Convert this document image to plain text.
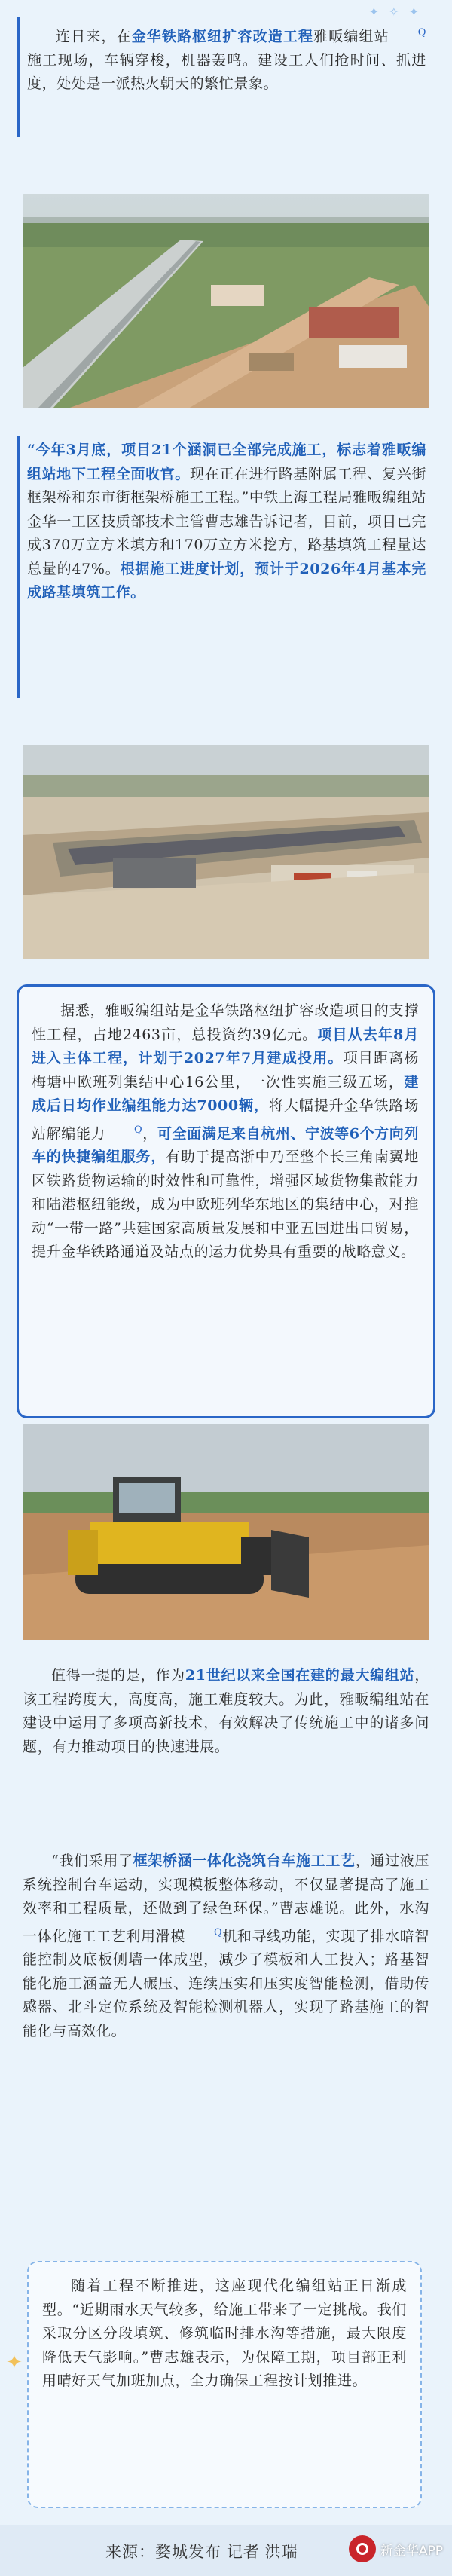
✦ ✧ ✦

连日来，在金华铁路枢纽扩容改造工程雅畈编组站	Q施工现场，车辆穿梭，机器轰鸣。建设工人们抢时间、抓进度，处处是一派热火朝天的繁忙景象。

“今年3月底，项目21个涵洞已全部完成施工，标志着雅畈编组站地下工程全面收官。现在正在进行路基附属工程、复兴街框架桥和东市街框架桥施工工程。”中铁上海工程局雅畈编组站金华一工区技质部技术主管曹志雄告诉记者，目前，项目已完成370万立方米填方和170万立方米挖方，路基填筑工程量达总量的47%。根据施工进度计划，预计于2026年4月基本完成路基填筑工作。

据悉，雅畈编组站是金华铁路枢纽扩容改造项目的支撑性工程，占地2463亩，总投资约39亿元。项目从去年8月进入主体工程，计划于2027年7月建成投用。项目距离杨梅塘中欧班列集结中心16公里，一次性实施三级五场，建成后日均作业编组能力达7000辆，将大幅提升金华铁路场站解编能力	Q，可全面满足来自杭州、宁波等6个方向列车的快捷编组服务，有助于提高浙中乃至整个长三角南翼地区铁路货物运输的时效性和可靠性，增强区域货物集散能力和陆港枢纽能级，成为中欧班列华东地区的集结中心，对推动“一带一路”共建国家高质量发展和中亚五国进出口贸易，提升金华铁路通道及站点的运力优势具有重要的战略意义。

值得一提的是，作为21世纪以来全国在建的最大编组站，该工程跨度大，高度高，施工难度较大。为此，雅畈编组站在建设中运用了多项高新技术，有效解决了传统施工中的诸多问题，有力推动项目的快速进展。

“我们采用了框架桥涵一体化浇筑台车施工工艺，通过液压系统控制台车运动，实现模板整体移动，不仅显著提高了施工效率和工程质量，还做到了绿色环保。”曹志雄说。此外，水沟一体化施工工艺利用滑模	Q机和寻线功能，实现了排水暗智能控制及底板侧墙一体成型，减少了模板和人工投入；路基智能化施工涵盖无人碾压、连续压实和压实度智能检测，借助传感器、北斗定位系统及智能检测机器人，实现了路基施工的智能化与高效化。

✦

随着工程不断推进，这座现代化编组站正日渐成型。“近期雨水天气较多，给施工带来了一定挑战。我们采取分区分段填筑、修筑临时排水沟等措施，最大限度降低天气影响。”曹志雄表示，为保障工期，项目部正利用晴好天气加班加点，全力确保工程按计划推进。

来源：婺城发布 记者 洪瑞	新金华APP
